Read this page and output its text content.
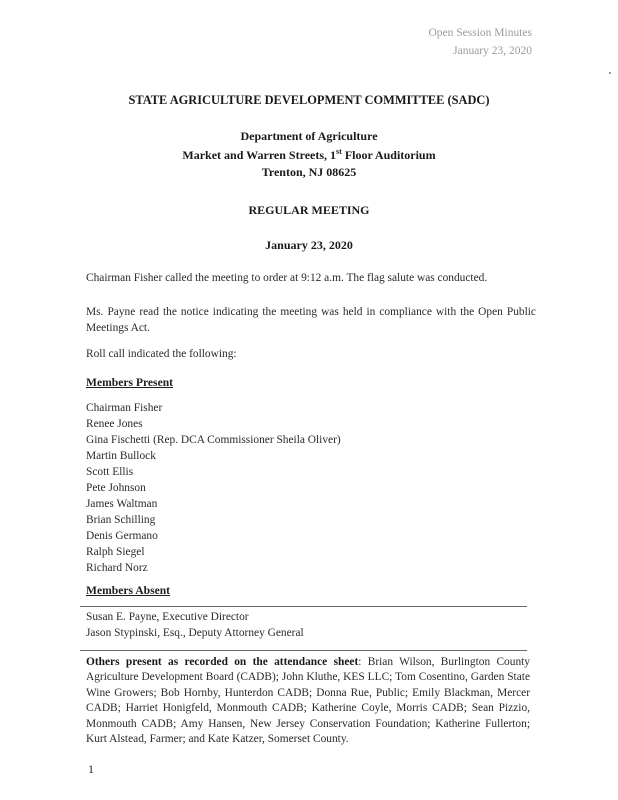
Open Session Minutes
January 23, 2020
STATE AGRICULTURE DEVELOPMENT COMMITTEE (SADC)
Department of Agriculture
Market and Warren Streets, 1st Floor Auditorium
Trenton, NJ 08625
REGULAR MEETING
January 23, 2020
Chairman Fisher called the meeting to order at 9:12 a.m. The flag salute was conducted.
Ms. Payne read the notice indicating the meeting was held in compliance with the Open Public Meetings Act.
Roll call indicated the following:
Members Present
Chairman Fisher
Renee Jones
Gina Fischetti (Rep. DCA Commissioner Sheila Oliver)
Martin Bullock
Scott Ellis
Pete Johnson
James Waltman
Brian Schilling
Denis Germano
Ralph Siegel
Richard Norz
Members Absent
Susan E. Payne, Executive Director
Jason Stypinski, Esq., Deputy Attorney General
Others present as recorded on the attendance sheet: Brian Wilson, Burlington County Agriculture Development Board (CADB); John Kluthe, KES LLC; Tom Cosentino, Garden State Wine Growers; Bob Hornby, Hunterdon CADB; Donna Rue, Public; Emily Blackman, Mercer CADB; Harriet Honigfeld, Monmouth CADB; Katherine Coyle, Morris CADB; Sean Pizzio, Monmouth CADB; Amy Hansen, New Jersey Conservation Foundation; Katherine Fullerton; Kurt Alstead, Farmer; and Kate Katzer, Somerset County.
1
